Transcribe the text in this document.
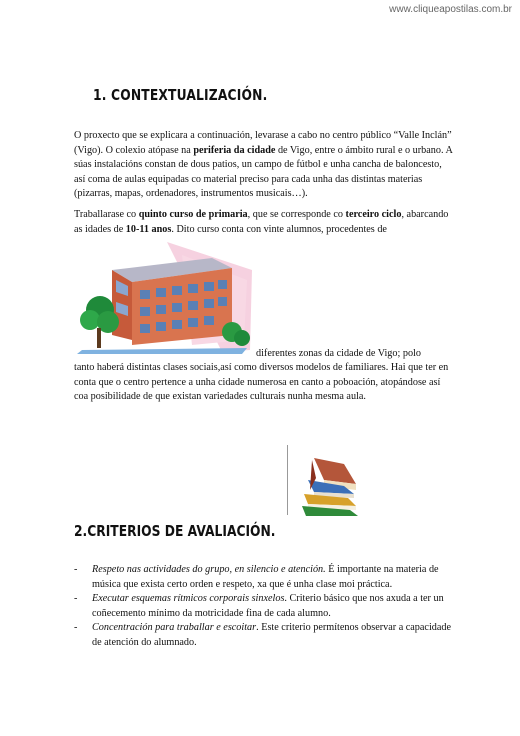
www.cliqueapostilas.com.br
1. CONTEXTUALIZACIÓN.
O proxecto que se explicara a continuación, levarase a cabo no centro público “Valle Inclán” (Vigo). O colexio atópase na periferia da cidade de Vigo, entre o ámbito rural e o urbano. A súas instalacións constan de dous patios, un campo de fútbol e unha cancha de baloncesto, así coma de aulas equipadas co material preciso para cada unha das distintas materias (pizarras, mapas, ordenadores, instrumentos musicais…).
Traballarase co quinto curso de primaria, que se corresponde co terceiro ciclo, abarcando as idades de 10-11 anos. Dito curso conta con vinte alumnos, procedentes de
diferentes zonas da cidade de Vigo; polo
tanto haberá distintas clases sociais,así como diversos modelos de familiares. Hai que ter en conta que o centro pertence a unha cidade numerosa en canto a poboación, atopándose así coa posibilidade de que existan variedades culturais nunha mesma aula.
2.CRITERIOS DE AVALIACIÓN.
- Respeto nas actividades do grupo, en silencio e atención. É importante na materia de música que exista certo orden e respeto, xa que é unha clase moi práctica.
- Executar esquemas rítmicos corporais sinxelos. Criterio básico que nos axuda a ter un coñecemento mínimo da motricidade fina de cada alumno.
- Concentración para traballar e escoitar. Este criterio permítenos observar a capacidade de atención do alumnado.
